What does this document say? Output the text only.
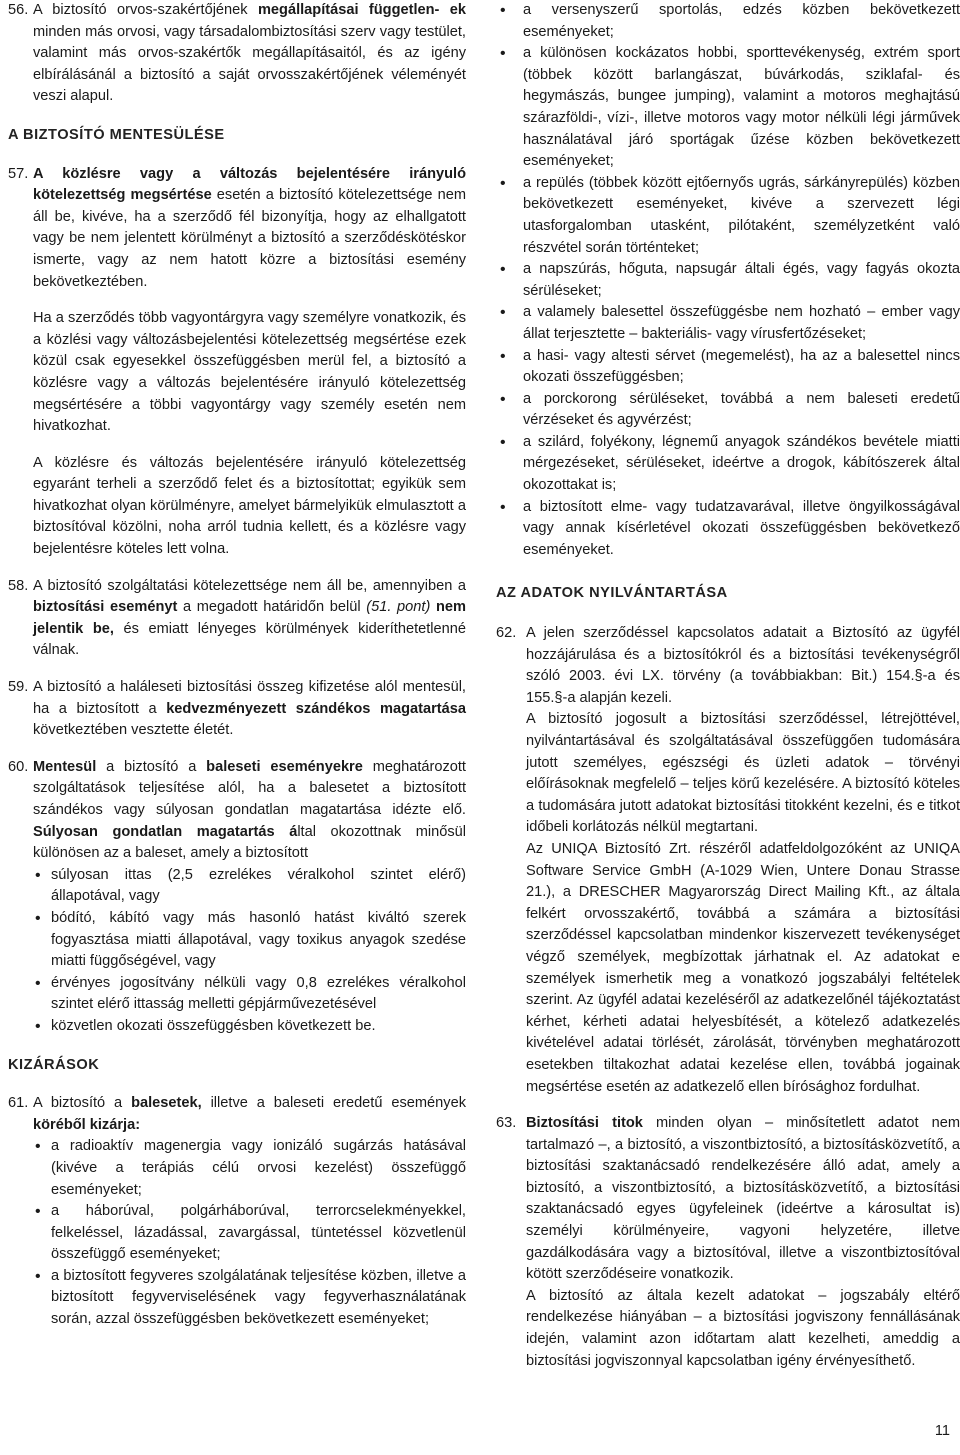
56. A biztosító orvos-szakértőjének megállapításai független- ek minden más orvosi, vagy társadalombiztosítási szerv vagy testület, valamint más orvos-szakértők megállapításaitól, és az igény elbírálásánál a biztosító a saját orvosszakértőjének véleményét veszi alapul.
A BIZTOSÍTÓ MENTESÜLÉSE
57. A közlésre vagy a változás bejelentésére irányuló kötelezettség megsértése esetén a biztosító kötelezettsége nem áll be, kivéve, ha a szerződő fél bizonyítja, hogy az elhallgatott vagy be nem jelentett körülményt a biztosító a szerződéskötéskor ismerte, vagy az nem hatott közre a biztosítási esemény bekövetkeztében.

Ha a szerződés több vagyontárgyra vagy személyre vonatkozik, és a közlési vagy változásbejelentési kötelezettség megsértése ezek közül csak egyesekkel összefüggésben merül fel, a biztosító a közlésre vagy a változás bejelentésére irányuló kötelezettség megsértésére a többi vagyontárgy vagy személy esetén nem hivatkozhat.

A közlésre és változás bejelentésére irányuló kötelezettség egyaránt terheli a szerződő felet és a biztosítottat; egyikük sem hivatkozhat olyan körülményre, amelyet bármelyikük elmulasztott a biztosítóval közölni, noha arról tudnia kellett, és a közlésre vagy bejelentésre köteles lett volna.

58. A biztosító szolgáltatási kötelezettsége nem áll be, amennyiben a biztosítási eseményt a megadott határidőn belül (51. pont) nem jelentik be, és emiatt lényeges körülmények kideríthetetlenné válnak.
59. A biztosító a haláleseti biztosítási összeg kifizetése alól mentesül, ha a biztosított a kedvezményezett szándékos magatartása következtében vesztette életét.
60. Mentesül a biztosító a baleseti eseményekre meghatározott szolgáltatások teljesítése alól, ha a balesetet a biztosított szándékos vagy súlyosan gondatlan magatartása idézte elő. Súlyosan gondatlan magatartás által okozottnak minősül különösen az a baleset, amely a biztosított
• súlyosan ittas (2,5 ezrelékes véralkohol szintet elérő) állapotával, vagy
• bódító, kábító vagy más hasonló hatást kiváltó szerek fogyasztása miatti állapotával, vagy toxikus anyagok szedése miatti függőségével, vagy
• érvényes jogosítvány nélküli vagy 0,8 ezrelékes véralkohol szintet elérő ittasság melletti gépjárművezetésével
• közvetlen okozati összefüggésben következett be.
KIZÁRÁSOK
61. A biztosító a balesetek, illetve a baleseti eredetű események köréből kizárja:
• a radioaktív magenergia vagy ionizáló sugárzás hatásával (kivéve a terápiás célú orvosi kezelést) összefüggő eseményeket;
• a háborúval, polgárháborúval, terrorcselekményekkel, felkeléssel, lázadással, zavargással, tüntetéssel közvetlenül összefüggő eseményeket;
• a biztosított fegyveres szolgálatának teljesítése közben, illetve a biztosított fegyverviselésének vagy fegyverhasználatának során, azzal összefüggésben bekövetkezett eseményeket;
• a versenyszerű sportolás, edzés közben bekövetkezett eseményeket;
• a különösen kockázatos hobbi, sporttevékenység, extrém sport (többek között barlangászat, búvárkodás, sziklafal- és hegymászás, bungee jumping), valamint a motoros meghajtású szárazföldi-, vízi-, illetve motoros vagy motor nélküli légi járművek használatával járó sportágak űzése közben bekövetkezett eseményeket;
• a repülés (többek között ejtőernyős ugrás, sárkányrepülés) közben bekövetkezett eseményeket, kivéve a szervezett légi utasforgalomban utasként, pilótaként, személyzetként való részvétel során történteket;
• a napszúrás, hőguta, napsugár általi égés, vagy fagyás okozta sérüléseket;
• a valamely balesettel összefüggésbe nem hozható – ember vagy állat terjesztette – bakteriális- vagy vírusfertőzéseket;
• a hasi- vagy altesti sérvet (megemelést), ha az a balesettel nincs okozati összefüggésben;
• a porckorong sérüléseket, továbbá a nem baleseti eredetű vérzéseket és agyvérzést;
• a szilárd, folyékony, légnemű anyagok szándékos bevétele miatti mérgezéseket, sérüléseket, ideértve a drogok, kábítószerek által okozottakat is;
• a biztosított elme- vagy tudatzavarával, illetve öngyilkosságával vagy annak kísérletével okozati összefüggésben bekövetkező eseményeket.
AZ ADATOK NYILVÁNTARTÁSA
62. A jelen szerződéssel kapcsolatos adatait a Biztosító az ügyfél hozzájárulása és a biztosítókról és a biztosítási tevékenységről szóló 2003. évi LX. törvény (a továbbiakban: Bit.) 154.§-a és 155.§-a alapján kezeli.

A biztosító jogosult a biztosítási szerződéssel, létrejöttével, nyilvántartásával és szolgáltatásával összefüggően tudomására jutott személyes, egészségi és üzleti adatok – törvényi előírásoknak megfelelő – teljes körű kezelésére. A biztosító köteles a tudomására jutott adatokat biztosítási titokként kezelni, és e titkot időbeli korlátozás nélkül megtartani.

Az UNIQA Biztosító Zrt. részéről adatfeldolgozóként az UNIQA Software Service GmbH (A-1029 Wien, Untere Donau Strasse 21.), a DRESCHER Magyarország Direct Mailing Kft., az általa felkért orvosszakértő, továbbá a számára a biztosítási szerződéssel kapcsolatban mindenkor kiszervezett tevékenységet végző személyek, megbízottak járhatnak el. Az adatokat e személyek ismerhetik meg a vonatkozó jogszabályi feltételek szerint. Az ügyfél adatai kezeléséről az adatkezelőnél tájékoztatást kérhet, kérheti adatai helyesbítését, a kötelező adatkezelés kivételével adatai törlését, zárolását, törvényben meghatározott esetekben tiltakozhat adatai kezelése ellen, továbbá jogainak megsértése esetén az adatkezelő ellen bírósághoz fordulhat.

63. Biztosítási titok minden olyan – minősítetlett adatot nem tartalmazó –, a biztosító, a viszontbiztosító, a biztosításközvetítő, a biztosítási szaktanácsadó rendelkezésére álló adat, amely a biztosító, a viszontbiztosító, a biztosításközvetítő, a biztosítási szaktanácsadó egyes ügyfeleinek (ideértve a károsultat is) személyi körülményeire, vagyoni helyzetére, illetve gazdálkodására vagy a biztosítóval, illetve a viszontbiztosítóval kötött szerződéseire vonatkozik.

A biztosító az általa kezelt adatokat – jogszabály eltérő rendelkezése hiányában – a biztosítási jogviszony fennállásának idején, valamint azon időtartam alatt kezelheti, ameddig a biztosítási jogviszonnyal kapcsolatban igény érvényesíthető.

11
